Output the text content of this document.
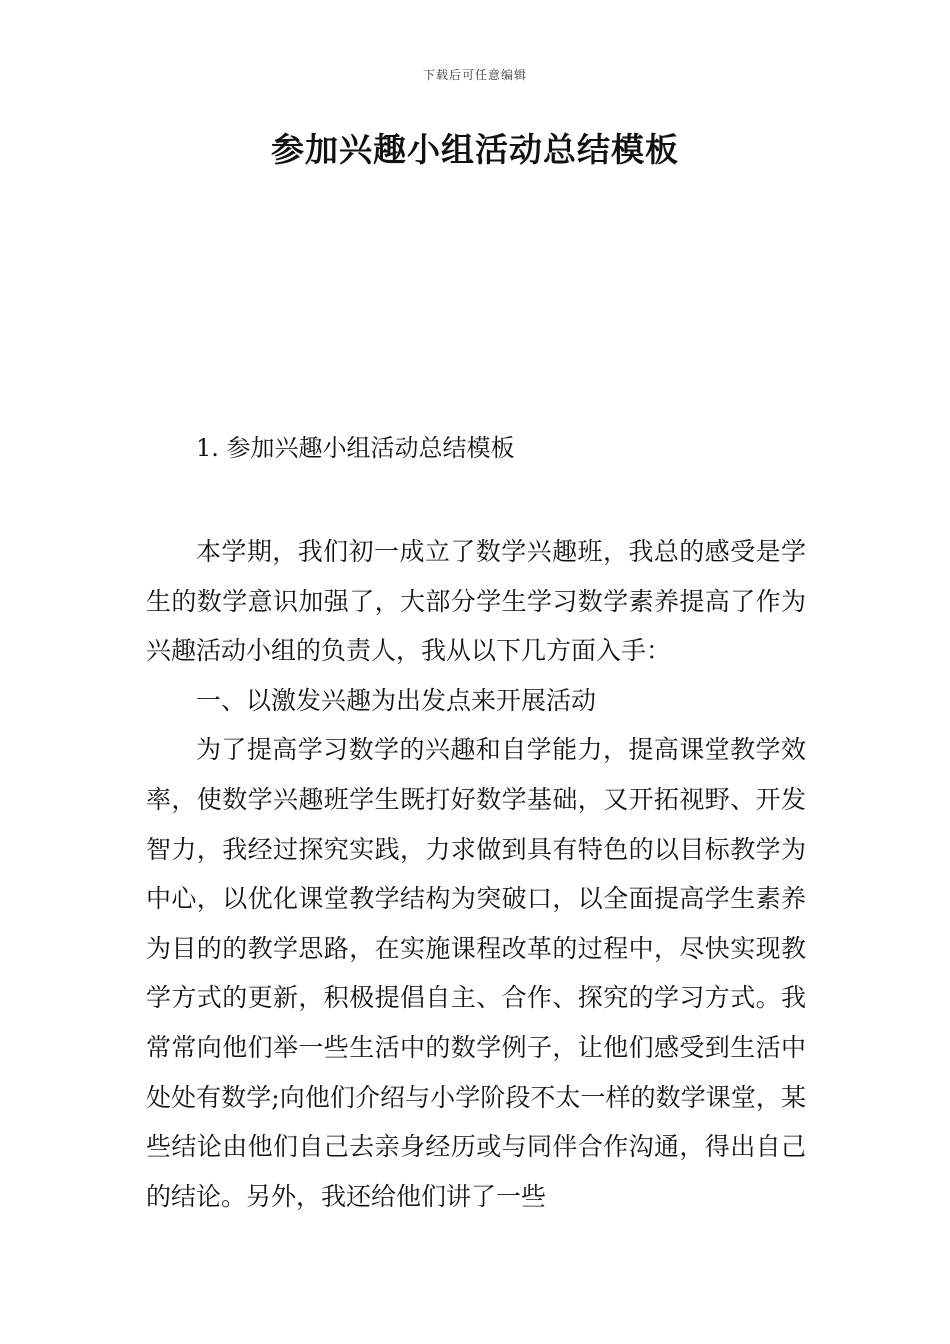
下载后可任意编辑
参加兴趣小组活动总结模板
1. 参加兴趣小组活动总结模板

本学期，我们初一成立了数学兴趣班，我总的感受是学生的数学意识加强了，大部分学生学习数学素养提高了作为兴趣活动小组的负责人，我从以下几方面入手：

一、以激发兴趣为出发点来开展活动

为了提高学习数学的兴趣和自学能力，提高课堂教学效率，使数学兴趣班学生既打好数学基础，又开拓视野、开发智力，我经过探究实践，力求做到具有特色的以目标教学为中心，以优化课堂教学结构为突破口，以全面提高学生素养为目的的教学思路，在实施课程改革的过程中，尽快实现教学方式的更新，积极提倡自主、合作、探究的学习方式。我常常向他们举一些生活中的数学例子，让他们感受到生活中处处有数学;向他们介绍与小学阶段不太一样的数学课堂，某些结论由他们自己去亲身经历或与同伴合作沟通，得出自己的结论。另外，我还给他们讲了一些
